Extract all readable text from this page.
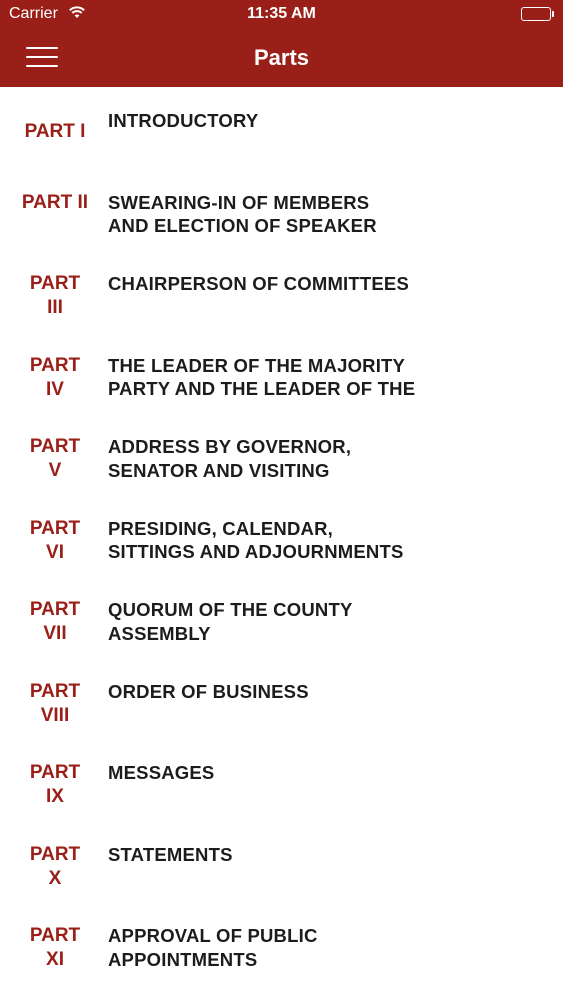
Carrier	11:35 AM
Parts
PART I
INTRODUCTORY
PART II	SWEARING-IN OF MEMBERS
AND ELECTION OF SPEAKER
PART
III
CHAIRPERSON OF COMMITTEES
PART
IV
THE LEADER OF THE MAJORITY
PARTY AND THE LEADER OF THE
PART
V
ADDRESS BY GOVERNOR,
SENATOR AND VISITING
PART
VI
PRESIDING, CALENDAR,
SITTINGS AND ADJOURNMENTS
PART
VII
QUORUM OF THE COUNTY
ASSEMBLY
PART
VIII
ORDER OF BUSINESS
PART
IX
MESSAGES
PART
X
STATEMENTS
PART
XI
APPROVAL OF PUBLIC
APPOINTMENTS
